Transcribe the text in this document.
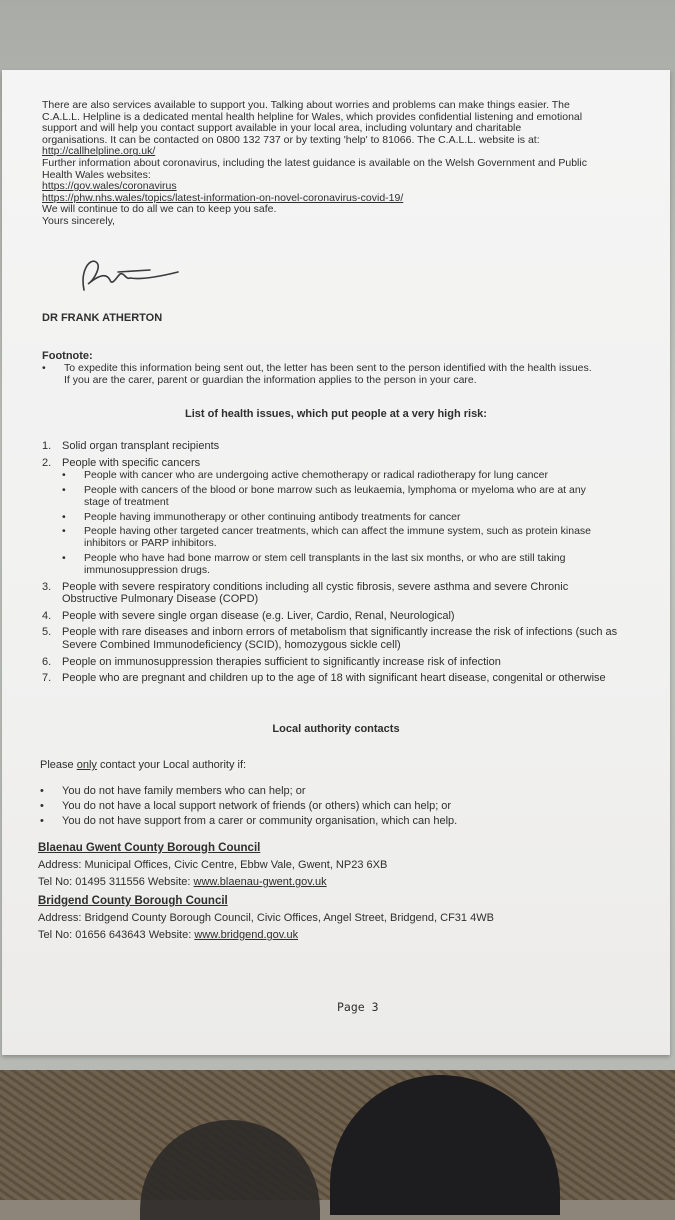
There are also services available to support you. Talking about worries and problems can make things easier. The
C.A.L.L. Helpline is a dedicated mental health helpline for Wales, which provides confidential listening and emotional
support and will help you contact support available in your local area, including voluntary and charitable
organisations. It can be contacted on 0800 132 737 or by texting 'help' to 81066. The C.A.L.L. website is at:
http://callhelpline.org.uk/
Further information about coronavirus, including the latest guidance is available on the Welsh Government and Public
Health Wales websites:
https://gov.wales/coronavirus
https://phw.nhs.wales/topics/latest-information-on-novel-coronavirus-covid-19/
We will continue to do all we can to keep you safe.
Yours sincerely,
DR FRANK ATHERTON
Footnote:
• To expedite this information being sent out, the letter has been sent to the person identified with the health issues.
If you are the carer, parent or guardian the information applies to the person in your care.
List of health issues, which put people at a very high risk:
1. Solid organ transplant recipients
2. People with specific cancers
• People with cancer who are undergoing active chemotherapy or radical radiotherapy for lung cancer
• People with cancers of the blood or bone marrow such as leukaemia, lymphoma or myeloma who are at any
stage of treatment
• People having immunotherapy or other continuing antibody treatments for cancer
• People having other targeted cancer treatments, which can affect the immune system, such as protein kinase
inhibitors or PARP inhibitors.
• People who have had bone marrow or stem cell transplants in the last six months, or who are still taking
immunosuppression drugs.
3. People with severe respiratory conditions including all cystic fibrosis, severe asthma and severe Chronic
Obstructive Pulmonary Disease (COPD)
4. People with severe single organ disease (e.g. Liver, Cardio, Renal, Neurological)
5. People with rare diseases and inborn errors of metabolism that significantly increase the risk of infections (such as
Severe Combined Immunodeficiency (SCID), homozygous sickle cell)
6. People on immunosuppression therapies sufficient to significantly increase risk of infection
7. People who are pregnant and children up to the age of 18 with significant heart disease, congenital or otherwise
Local authority contacts
Please only contact your Local authority if:
• You do not have family members who can help; or
• You do not have a local support network of friends (or others) which can help; or
• You do not have support from a carer or community organisation, which can help.
Blaenau Gwent County Borough Council
Address: Municipal Offices, Civic Centre, Ebbw Vale, Gwent, NP23 6XB
Tel No: 01495 311556 Website: www.blaenau-gwent.gov.uk
Bridgend County Borough Council
Address: Bridgend County Borough Council, Civic Offices, Angel Street, Bridgend, CF31 4WB
Tel No: 01656 643643 Website: www.bridgend.gov.uk
Page 3
